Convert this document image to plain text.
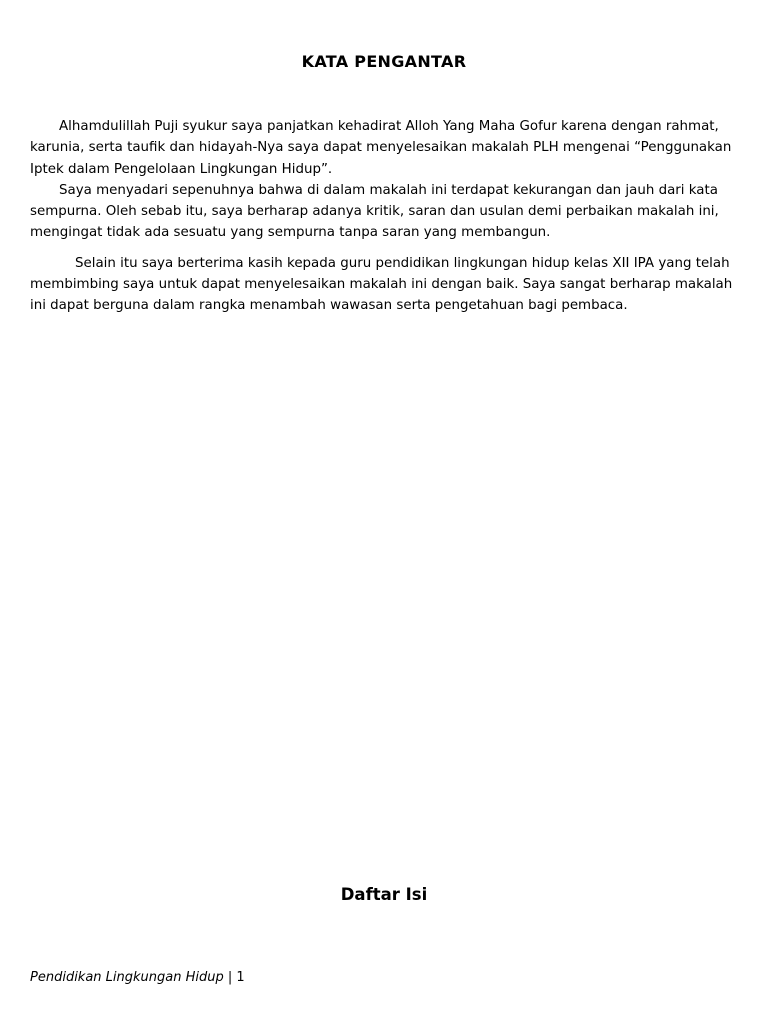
KATA PENGANTAR

Alhamdulillah Puji syukur saya panjatkan kehadirat Alloh Yang Maha Gofur karena dengan rahmat, karunia, serta taufik dan hidayah-Nya saya dapat menyelesaikan makalah PLH mengenai “Penggunakan Iptek dalam Pengelolaan Lingkungan Hidup”.

Saya menyadari sepenuhnya bahwa di dalam makalah ini terdapat kekurangan dan jauh dari kata sempurna. Oleh sebab itu, saya berharap adanya kritik, saran dan usulan demi perbaikan makalah ini, mengingat tidak ada sesuatu yang sempurna tanpa saran yang membangun.

Selain itu saya berterima kasih kepada guru pendidikan lingkungan hidup kelas XII IPA yang telah membimbing saya untuk dapat menyelesaikan makalah ini dengan baik. Saya sangat berharap makalah ini dapat berguna dalam rangka menambah wawasan serta pengetahuan bagi pembaca.

Daftar Isi
Pendidikan Lingkungan Hidup | 1
